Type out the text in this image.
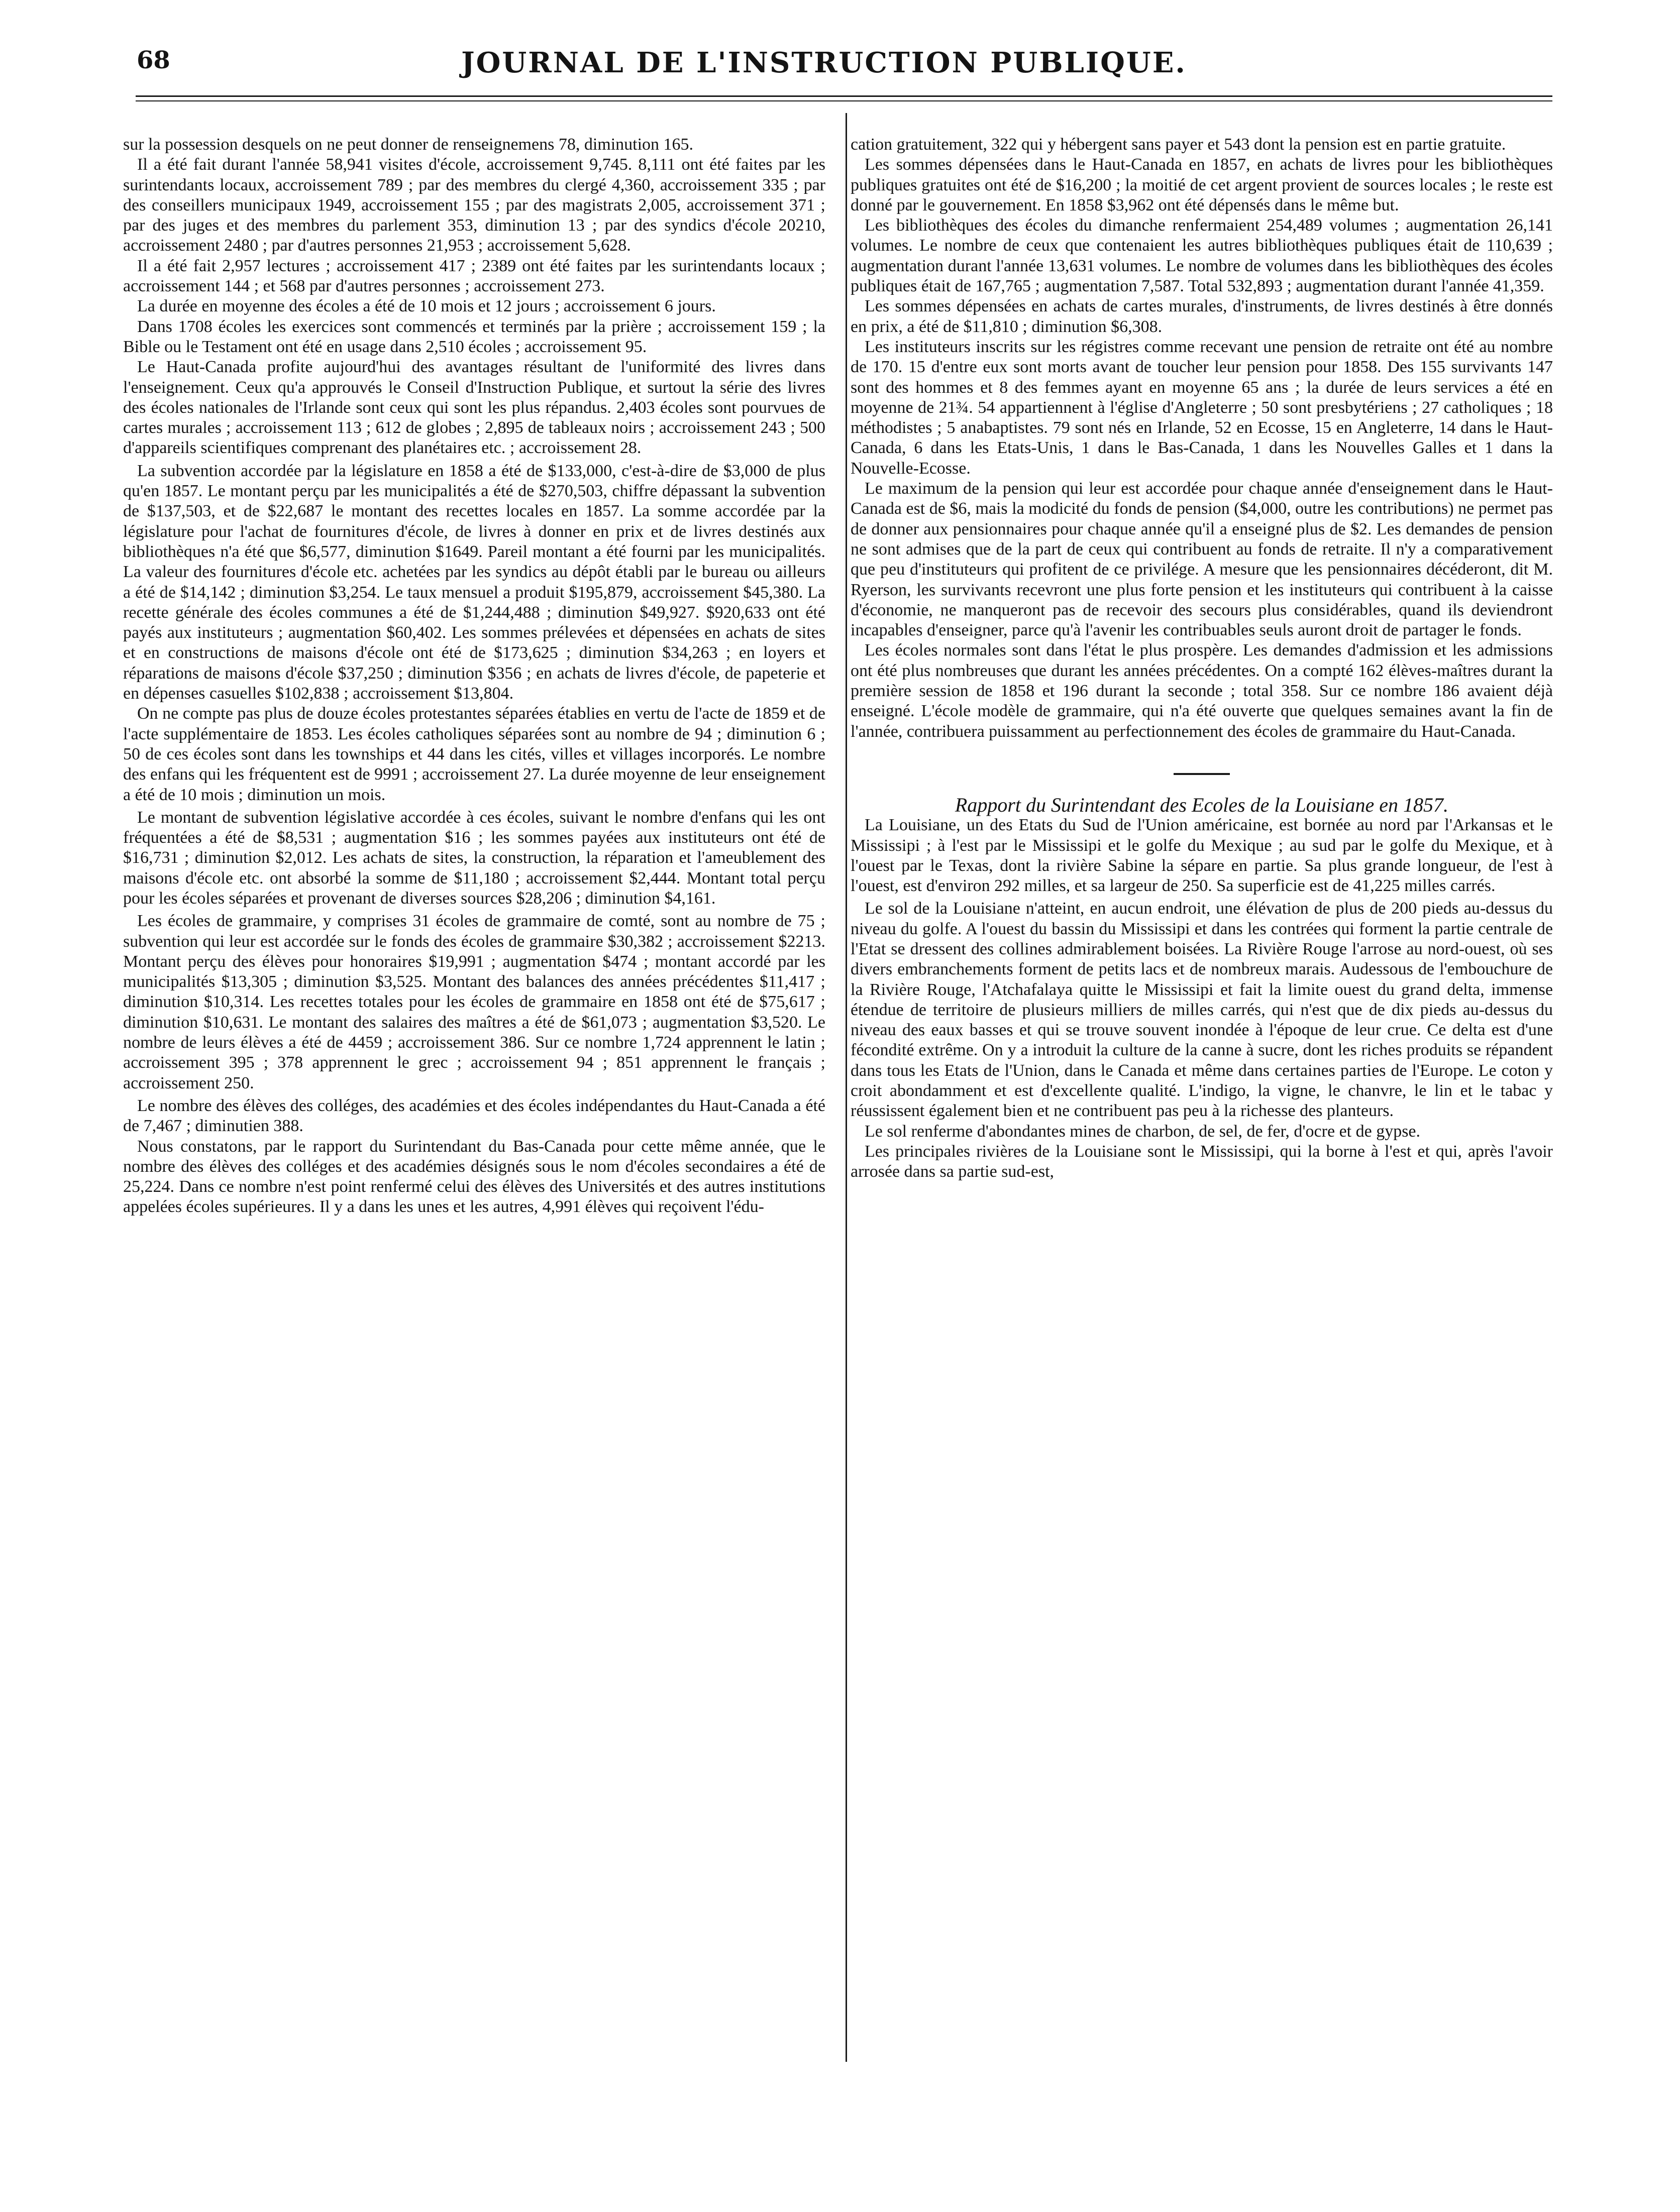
68	JOURNAL DE L'INSTRUCTION PUBLIQUE.

sur la possession desquels on ne peut donner de renseignemens 78, diminution 165.

Il a été fait durant l'année 58,941 visites d'école, accroissement 9,745. 8,111 ont été faites par les surintendants locaux, accroissement 789 ; par des membres du clergé 4,360, accroissement 335 ; par des conseillers municipaux 1949, accroissement 155 ; par des magistrats 2,005, accroissement 371 ; par des juges et des membres du parlement 353, diminution 13 ; par des syndics d'école 20210, accroissement 2480 ; par d'autres personnes 21,953 ; accroissement 5,628.

Il a été fait 2,957 lectures ; accroissement 417 ; 2389 ont été faites par les surintendants locaux ; accroissement 144 ; et 568 par d'autres personnes ; accroissement 273.

La durée en moyenne des écoles a été de 10 mois et 12 jours ; accroissement 6 jours.

Dans 1708 écoles les exercices sont commencés et terminés par la prière ; accroissement 159 ; la Bible ou le Testament ont été en usage dans 2,510 écoles ; accroissement 95.

Le Haut-Canada profite aujourd'hui des avantages résultant de l'uniformité des livres dans l'enseignement. Ceux qu'a approuvés le Conseil d'Instruction Publique, et surtout la série des livres des écoles nationales de l'Irlande sont ceux qui sont les plus répandus. 2,403 écoles sont pourvues de cartes murales ; accroissement 113 ; 612 de globes ; 2,895 de tableaux noirs ; accroissement 243 ; 500 d'appareils scientifiques comprenant des planétaires etc. ; accroissement 28.

La subvention accordée par la législature en 1858 a été de $133,000, c'est-à-dire de $3,000 de plus qu'en 1857. Le montant perçu par les municipalités a été de $270,503, chiffre dépassant la subvention de $137,503, et de $22,687 le montant des recettes locales en 1857. La somme accordée par la législature pour l'achat de fournitures d'école, de livres à donner en prix et de livres destinés aux bibliothèques n'a été que $6,577, diminution $1649. Pareil montant a été fourni par les municipalités. La valeur des fournitures d'école etc. achetées par les syndics au dépôt établi par le bureau ou ailleurs a été de $14,142 ; diminution $3,254. Le taux mensuel a produit $195,879, accroissement $45,380. La recette générale des écoles communes a été de $1,244,488 ; diminution $49,927. $920,633 ont été payés aux instituteurs ; augmentation $60,402. Les sommes prélevées et dépensées en achats de sites et en constructions de maisons d'école ont été de $173,625 ; diminution $34,263 ; en loyers et réparations de maisons d'école $37,250 ; diminution $356 ; en achats de livres d'école, de papeterie et en dépenses casuelles $102,838 ; accroissement $13,804.

On ne compte pas plus de douze écoles protestantes séparées établies en vertu de l'acte de 1859 et de l'acte supplémentaire de 1853. Les écoles catholiques séparées sont au nombre de 94 ; diminution 6 ; 50 de ces écoles sont dans les townships et 44 dans les cités, villes et villages incorporés. Le nombre des enfans qui les fréquentent est de 9991 ; accroissement 27. La durée moyenne de leur enseignement a été de 10 mois ; diminution un mois.

Le montant de subvention législative accordée à ces écoles, suivant le nombre d'enfans qui les ont fréquentées a été de $8,531 ; augmentation $16 ; les sommes payées aux instituteurs ont été de $16,731 ; diminution $2,012. Les achats de sites, la construction, la réparation et l'ameublement des maisons d'école etc. ont absorbé la somme de $11,180 ; accroissement $2,444. Montant total perçu pour les écoles séparées et provenant de diverses sources $28,206 ; diminution $4,161.

Les écoles de grammaire, y comprises 31 écoles de grammaire de comté, sont au nombre de 75 ; subvention qui leur est accordée sur le fonds des écoles de grammaire $30,382 ; accroissement $2213. Montant perçu des élèves pour honoraires $19,991 ; augmentation $474 ; montant accordé par les municipalités $13,305 ; diminution $3,525. Montant des balances des années précédentes $11,417 ; diminution $10,314. Les recettes totales pour les écoles de grammaire en 1858 ont été de $75,617 ; diminution $10,631. Le montant des salaires des maîtres a été de $61,073 ; augmentation $3,520. Le nombre de leurs élèves a été de 4459 ; accroissement 386. Sur ce nombre 1,724 apprennent le latin ; accroissement 395 ; 378 apprennent le grec ; accroissement 94 ; 851 apprennent le français ; accroissement 250.

Le nombre des élèves des colléges, des académies et des écoles indépendantes du Haut-Canada a été de 7,467 ; diminutien 388.

Nous constatons, par le rapport du Surintendant du Bas-Canada pour cette même année, que le nombre des élèves des colléges et des académies désignés sous le nom d'écoles secondaires a été de 25,224. Dans ce nombre n'est point renfermé celui des élèves des Universités et des autres institutions appelées écoles supérieures. Il y a dans les unes et les autres, 4,991 élèves qui reçoivent l'édu-

cation gratuitement, 322 qui y hébergent sans payer et 543 dont la pension est en partie gratuite.

Les sommes dépensées dans le Haut-Canada en 1857, en achats de livres pour les bibliothèques publiques gratuites ont été de $16,200 ; la moitié de cet argent provient de sources locales ; le reste est donné par le gouvernement. En 1858 $3,962 ont été dépensés dans le même but.

Les bibliothèques des écoles du dimanche renfermaient 254,489 volumes ; augmentation 26,141 volumes. Le nombre de ceux que contenaient les autres bibliothèques publiques était de 110,639 ; augmentation durant l'année 13,631 volumes. Le nombre de volumes dans les bibliothèques des écoles publiques était de 167,765 ; augmentation 7,587. Total 532,893 ; augmentation durant l'année 41,359.

Les sommes dépensées en achats de cartes murales, d'instruments, de livres destinés à être donnés en prix, a été de $11,810 ; diminution $6,308.

Les instituteurs inscrits sur les régistres comme recevant une pension de retraite ont été au nombre de 170. 15 d'entre eux sont morts avant de toucher leur pension pour 1858. Des 155 survivants 147 sont des hommes et 8 des femmes ayant en moyenne 65 ans ; la durée de leurs services a été en moyenne de 21¾. 54 appartiennent à l'église d'Angleterre ; 50 sont presbytériens ; 27 catholiques ; 18 méthodistes ; 5 anabaptistes. 79 sont nés en Irlande, 52 en Ecosse, 15 en Angleterre, 14 dans le Haut-Canada, 6 dans les Etats-Unis, 1 dans le Bas-Canada, 1 dans les Nouvelles Galles et 1 dans la Nouvelle-Ecosse.

Le maximum de la pension qui leur est accordée pour chaque année d'enseignement dans le Haut-Canada est de $6, mais la modicité du fonds de pension ($4,000, outre les contributions) ne permet pas de donner aux pensionnaires pour chaque année qu'il a enseigné plus de $2. Les demandes de pension ne sont admises que de la part de ceux qui contribuent au fonds de retraite. Il n'y a comparativement que peu d'instituteurs qui profitent de ce privilége. A mesure que les pensionnaires décéderont, dit M. Ryerson, les survivants recevront une plus forte pension et les instituteurs qui contribuent à la caisse d'économie, ne manqueront pas de recevoir des secours plus considérables, quand ils deviendront incapables d'enseigner, parce qu'à l'avenir les contribuables seuls auront droit de partager le fonds.

Les écoles normales sont dans l'état le plus prospère. Les demandes d'admission et les admissions ont été plus nombreuses que durant les années précédentes. On a compté 162 élèves-maîtres durant la première session de 1858 et 196 durant la seconde ; total 358. Sur ce nombre 186 avaient déjà enseigné. L'école modèle de grammaire, qui n'a été ouverte que quelques semaines avant la fin de l'année, contribuera puissamment au perfectionnement des écoles de grammaire du Haut-Canada.

Rapport du Surintendant des Ecoles de la Louisiane en 1857.

La Louisiane, un des Etats du Sud de l'Union américaine, est bornée au nord par l'Arkansas et le Mississipi ; à l'est par le Mississipi et le golfe du Mexique ; au sud par le golfe du Mexique, et à l'ouest par le Texas, dont la rivière Sabine la sépare en partie. Sa plus grande longueur, de l'est à l'ouest, est d'environ 292 milles, et sa largeur de 250. Sa superficie est de 41,225 milles carrés.

Le sol de la Louisiane n'atteint, en aucun endroit, une élévation de plus de 200 pieds au-dessus du niveau du golfe. A l'ouest du bassin du Mississipi et dans les contrées qui forment la partie centrale de l'Etat se dressent des collines admirablement boisées. La Rivière Rouge l'arrose au nord-ouest, où ses divers embranchements forment de petits lacs et de nombreux marais. Audessous de l'embouchure de la Rivière Rouge, l'Atchafalaya quitte le Mississipi et fait la limite ouest du grand delta, immense étendue de territoire de plusieurs milliers de milles carrés, qui n'est que de dix pieds au-dessus du niveau des eaux basses et qui se trouve souvent inondée à l'époque de leur crue. Ce delta est d'une fécondité extrême. On y a introduit la culture de la canne à sucre, dont les riches produits se répandent dans tous les Etats de l'Union, dans le Canada et même dans certaines parties de l'Europe. Le coton y croit abondamment et est d'excellente qualité. L'indigo, la vigne, le chanvre, le lin et le tabac y réussissent également bien et ne contribuent pas peu à la richesse des planteurs.

Le sol renferme d'abondantes mines de charbon, de sel, de fer, d'ocre et de gypse.

Les principales rivières de la Louisiane sont le Mississipi, qui la borne à l'est et qui, après l'avoir arrosée dans sa partie sud-est,
